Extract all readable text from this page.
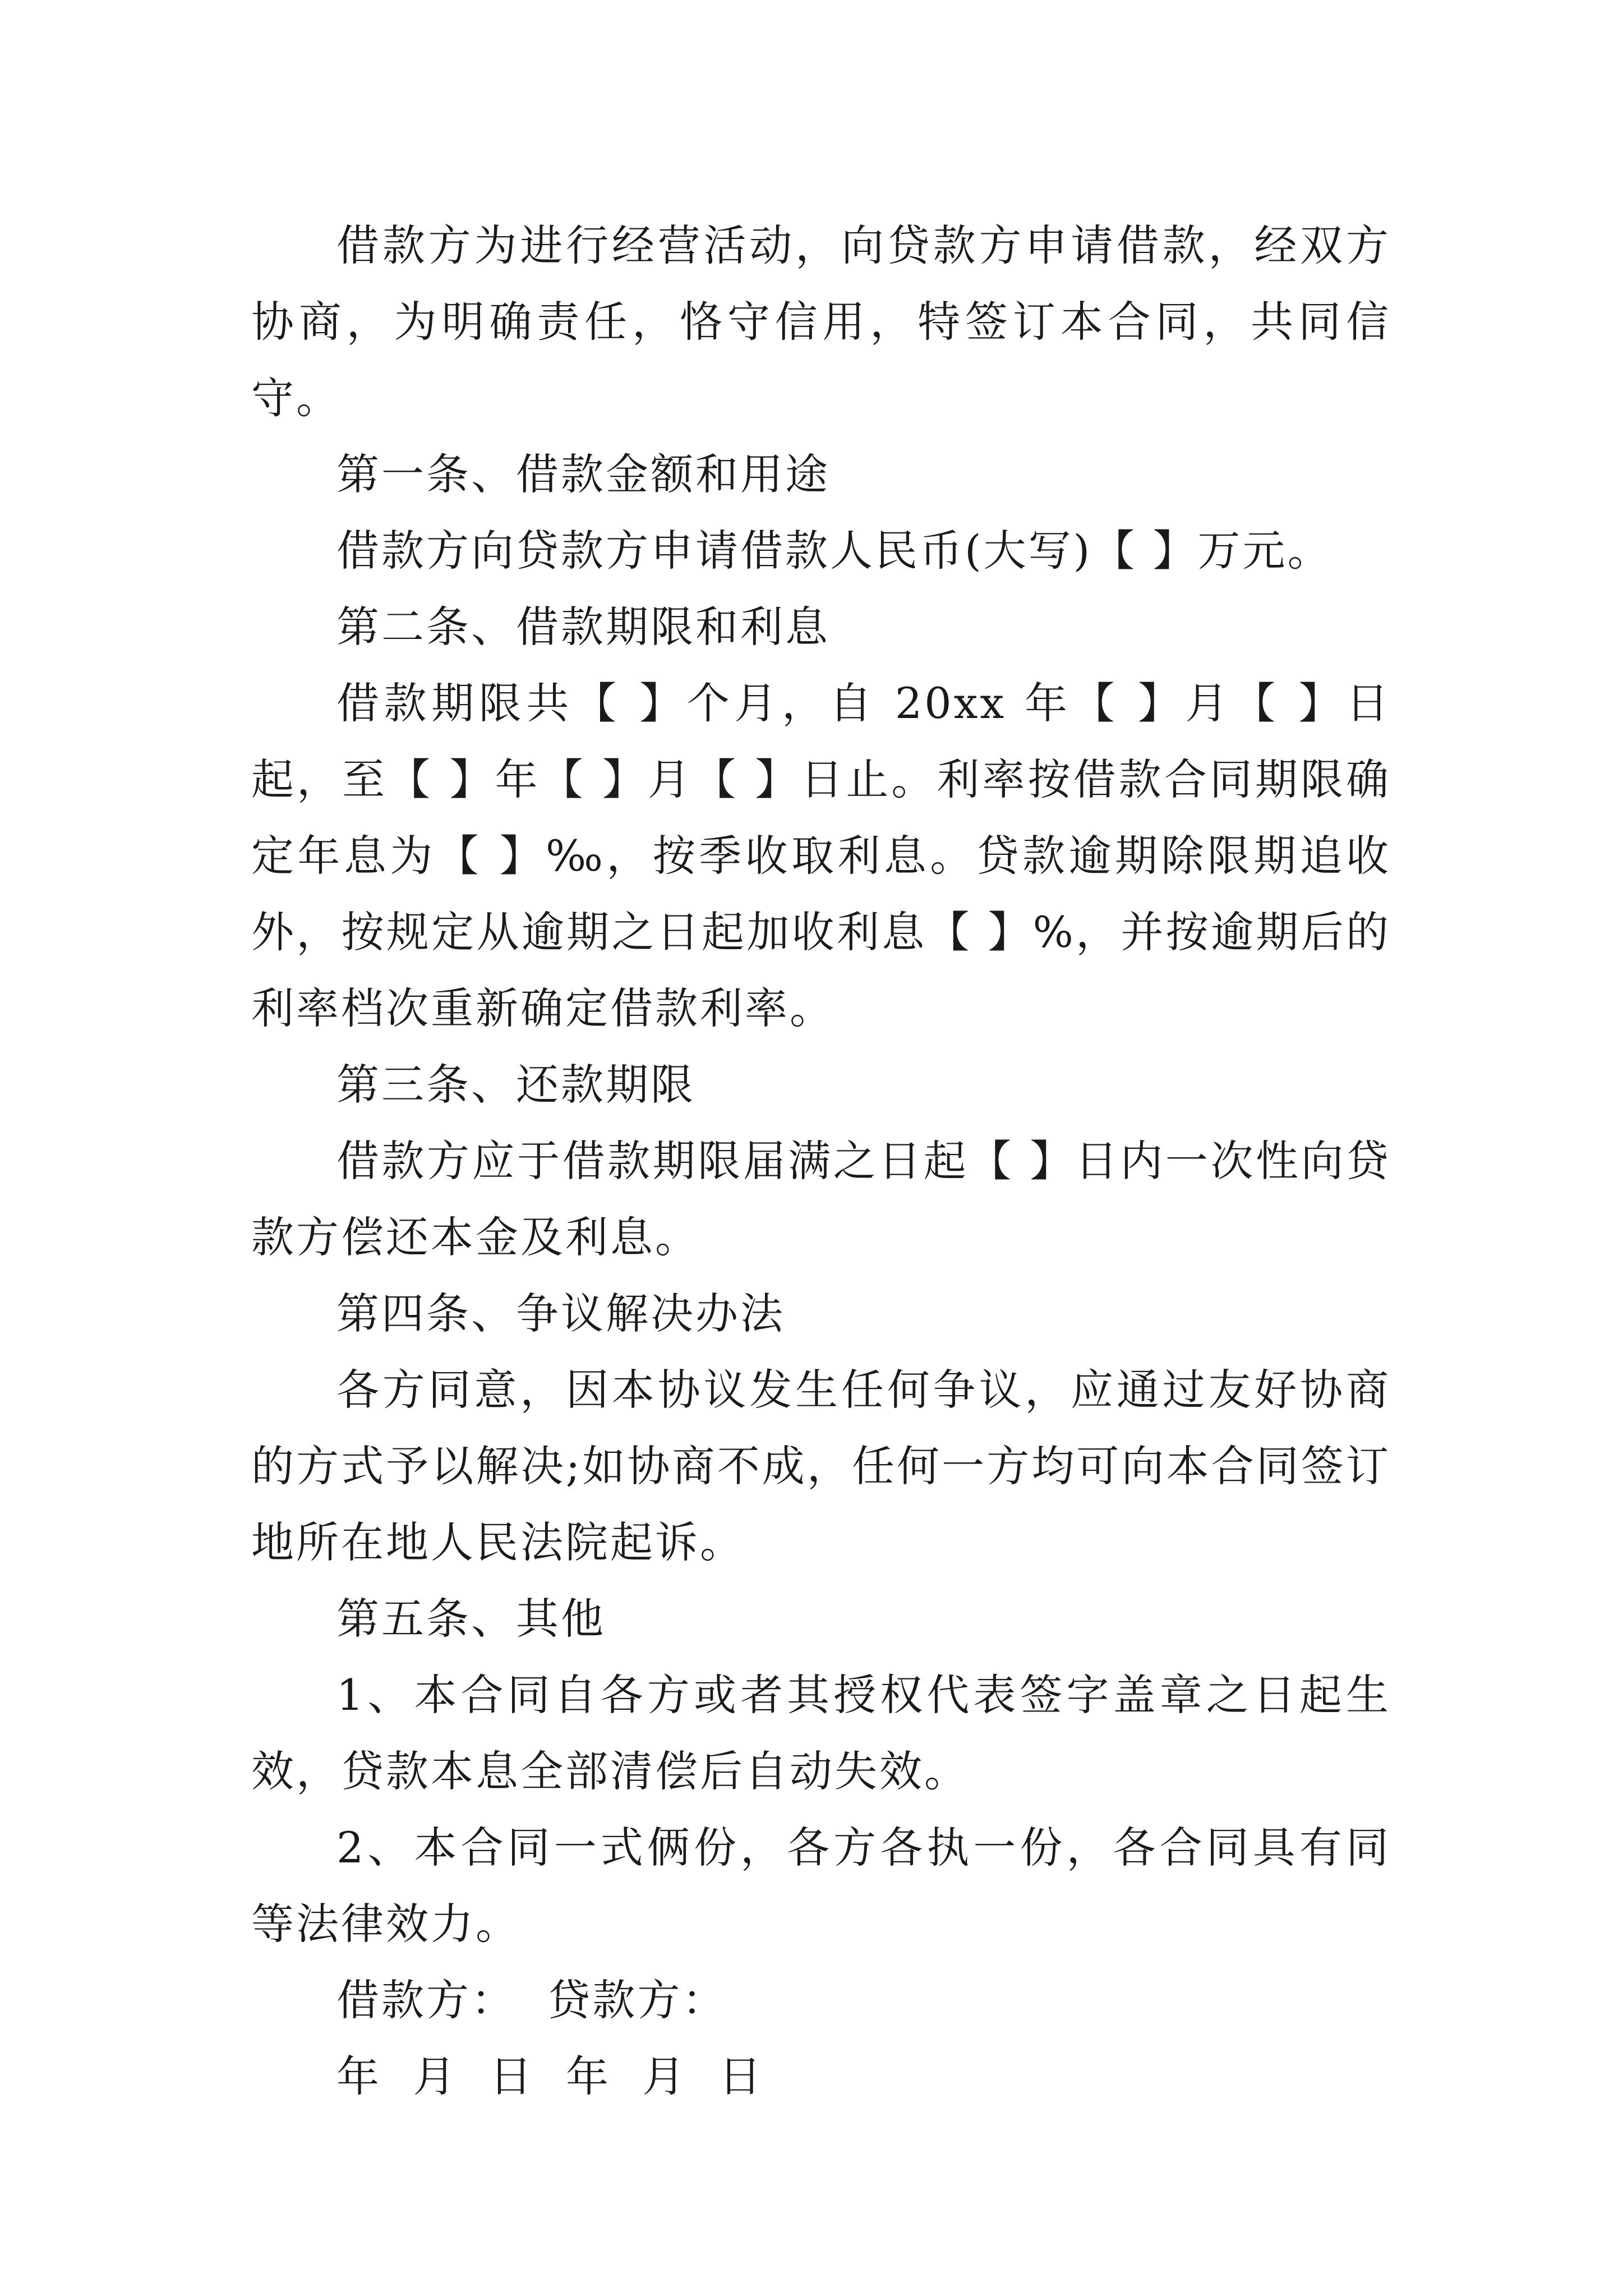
借款方为进行经营活动，向贷款方申请借款，经双方协商，为明确责任，恪守信用，特签订本合同，共同信守。

第一条、借款金额和用途

借款方向贷款方申请借款人民币(大写)【 】万元。

第二条、借款期限和利息

借款期限共【 】个月，自 20xx 年【 】月【 】日起，至【 】年【 】月【 】日止。利率按借款合同期限确定年息为【 】‰，按季收取利息。贷款逾期除限期追收外，按规定从逾期之日起加收利息【 】%，并按逾期后的利率档次重新确定借款利率。

第三条、还款期限

借款方应于借款期限届满之日起【 】日内一次性向贷款方偿还本金及利息。

第四条、争议解决办法

各方同意，因本协议发生任何争议，应通过友好协商的方式予以解决;如协商不成，任何一方均可向本合同签订地所在地人民法院起诉。

第五条、其他

1、本合同自各方或者其授权代表签字盖章之日起生效，贷款本息全部清偿后自动失效。

2、本合同一式俩份，各方各执一份，各合同具有同等法律效力。

借款方：  贷款方：

年  月  日  年  月  日
